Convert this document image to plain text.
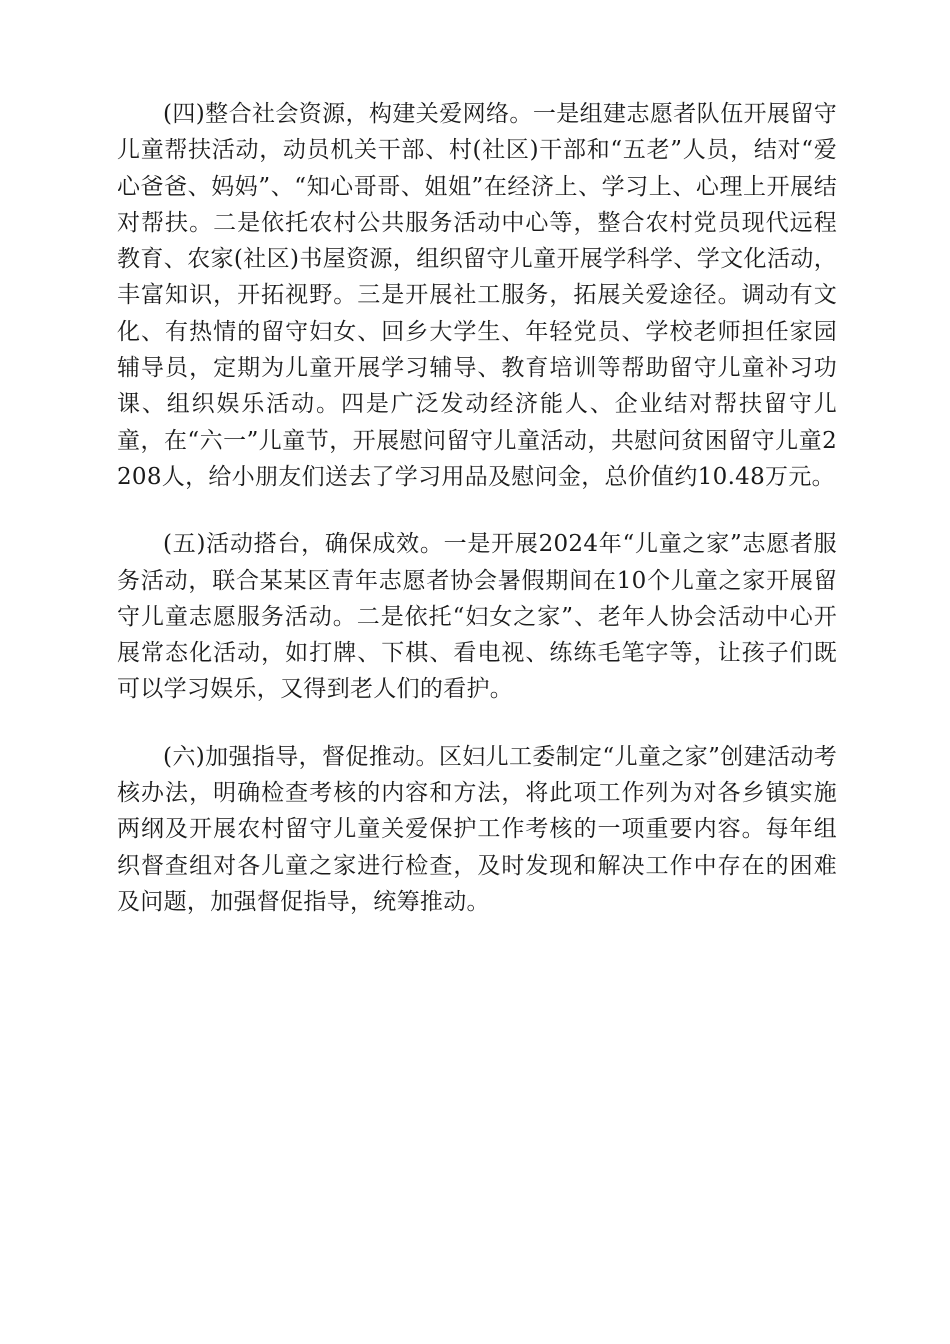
(四)整合社会资源，构建关爱网络。一是组建志愿者队伍开展留守儿童帮扶活动，动员机关干部、村(社区)干部和“五老”人员，结对“爱心爸爸、妈妈”、“知心哥哥、姐姐”在经济上、学习上、心理上开展结对帮扶。二是依托农村公共服务活动中心等，整合农村党员现代远程教育、农家(社区)书屋资源，组织留守儿童开展学科学、学文化活动，丰富知识，开拓视野。三是开展社工服务，拓展关爱途径。调动有文化、有热情的留守妇女、回乡大学生、年轻党员、学校老师担任家园辅导员，定期为儿童开展学习辅导、教育培训等帮助留守儿童补习功课、组织娱乐活动。四是广泛发动经济能人、企业结对帮扶留守儿童，在“六一”儿童节，开展慰问留守儿童活动，共慰问贫困留守儿童2208人，给小朋友们送去了学习用品及慰问金，总价值约10.48万元。

(五)活动搭台，确保成效。一是开展2024年“儿童之家”志愿者服务活动，联合某某区青年志愿者协会暑假期间在10个儿童之家开展留守儿童志愿服务活动。二是依托“妇女之家”、老年人协会活动中心开展常态化活动，如打牌、下棋、看电视、练练毛笔字等，让孩子们既可以学习娱乐，又得到老人们的看护。

(六)加强指导，督促推动。区妇儿工委制定“儿童之家”创建活动考核办法，明确检查考核的内容和方法，将此项工作列为对各乡镇实施两纲及开展农村留守儿童关爱保护工作考核的一项重要内容。每年组织督查组对各儿童之家进行检查，及时发现和解决工作中存在的困难及问题，加强督促指导，统筹推动。
